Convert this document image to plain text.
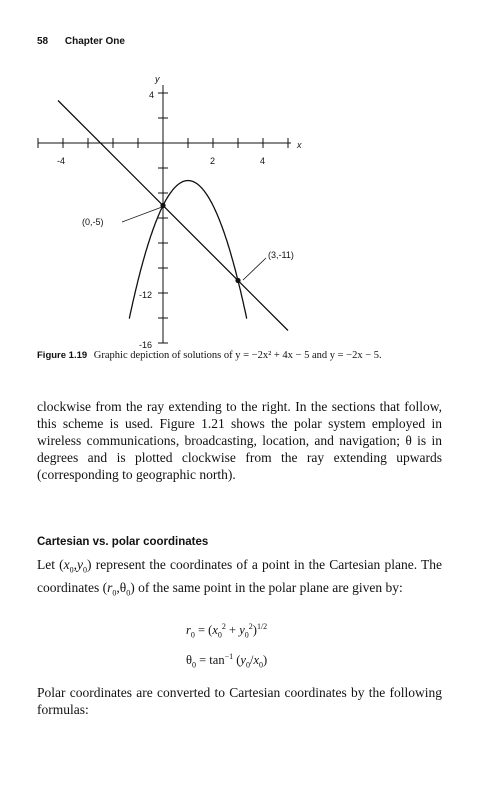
58 Chapter One
x
y
-4	2	4
4
-12
-16
(0,-5)
(3,-11)
Figure 1.19 Graphic depiction of solutions of y = −2x² + 4x − 5 and y = −2x − 5.

clockwise from the ray extending to the right. In the sections that follow, this scheme is used. Figure 1.21 shows the polar system employed in wireless communications, broadcasting, location, and navigation; θ is in degrees and is plotted clockwise from the ray extending upwards (corresponding to geographic north).

Cartesian vs. polar coordinates

Let $(x_0,y_0)$ represent the coordinates of a point in the Cartesian plane. The coordinates $(r_0,\theta_0)$ of the same point in the polar plane are given by:

$r_0 = (x_0^2 + y_0^2)^{1/2}$
$\theta_0 = \tan^{-1} (y_0/x_0)$

Polar coordinates are converted to Cartesian coordinates by the following formulas:
